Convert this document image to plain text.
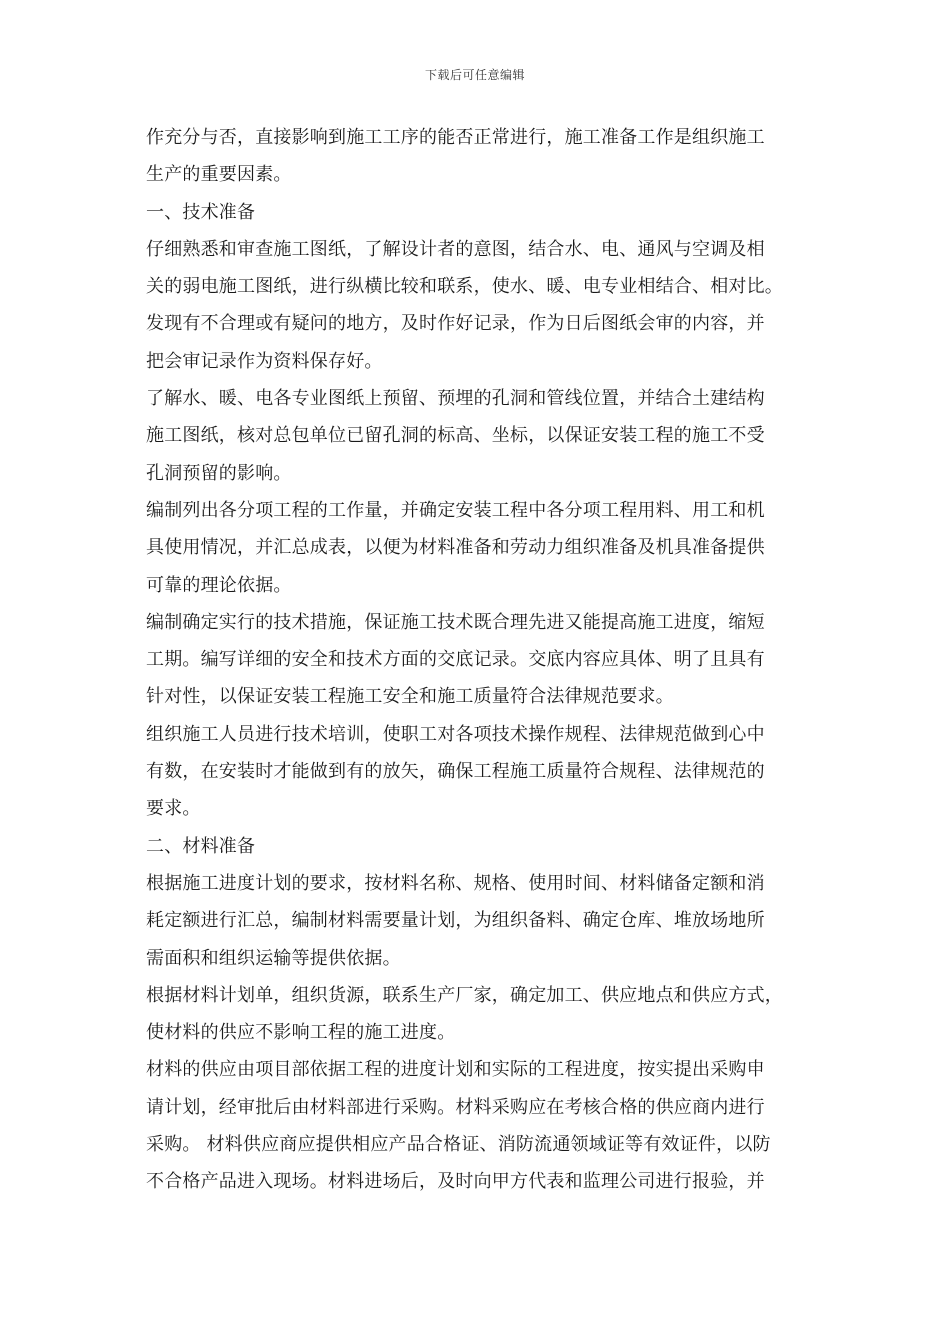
下载后可任意编辑
作充分与否，直接影响到施工工序的能否正常进行，施工准备工作是组织施工
生产的重要因素。
一、技术准备
仔细熟悉和审查施工图纸，了解设计者的意图，结合水、电、通风与空调及相
关的弱电施工图纸，进行纵横比较和联系，使水、暖、电专业相结合、相对比。
发现有不合理或有疑问的地方，及时作好记录，作为日后图纸会审的内容，并
把会审记录作为资料保存好。
了解水、暖、电各专业图纸上预留、预埋的孔洞和管线位置，并结合土建结构
施工图纸，核对总包单位已留孔洞的标高、坐标，以保证安装工程的施工不受
孔洞预留的影响。
编制列出各分项工程的工作量，并确定安装工程中各分项工程用料、用工和机
具使用情况，并汇总成表，以便为材料准备和劳动力组织准备及机具准备提供
可靠的理论依据。
编制确定实行的技术措施，保证施工技术既合理先进又能提高施工进度，缩短
工期。编写详细的安全和技术方面的交底记录。交底内容应具体、明了且具有
针对性，以保证安装工程施工安全和施工质量符合法律规范要求。
组织施工人员进行技术培训，使职工对各项技术操作规程、法律规范做到心中
有数，在安装时才能做到有的放矢，确保工程施工质量符合规程、法律规范的
要求。
二、材料准备
根据施工进度计划的要求，按材料名称、规格、使用时间、材料储备定额和消
耗定额进行汇总，编制材料需要量计划，为组织备料、确定仓库、堆放场地所
需面积和组织运输等提供依据。
根据材料计划单，组织货源，联系生产厂家，确定加工、供应地点和供应方式，
使材料的供应不影响工程的施工进度。
材料的供应由项目部依据工程的进度计划和实际的工程进度，按实提出采购申
请计划，经审批后由材料部进行采购。材料采购应在考核合格的供应商内进行
采购。 材料供应商应提供相应产品合格证、消防流通领域证等有效证件，以防
不合格产品进入现场。材料进场后，及时向甲方代表和监理公司进行报验，并
